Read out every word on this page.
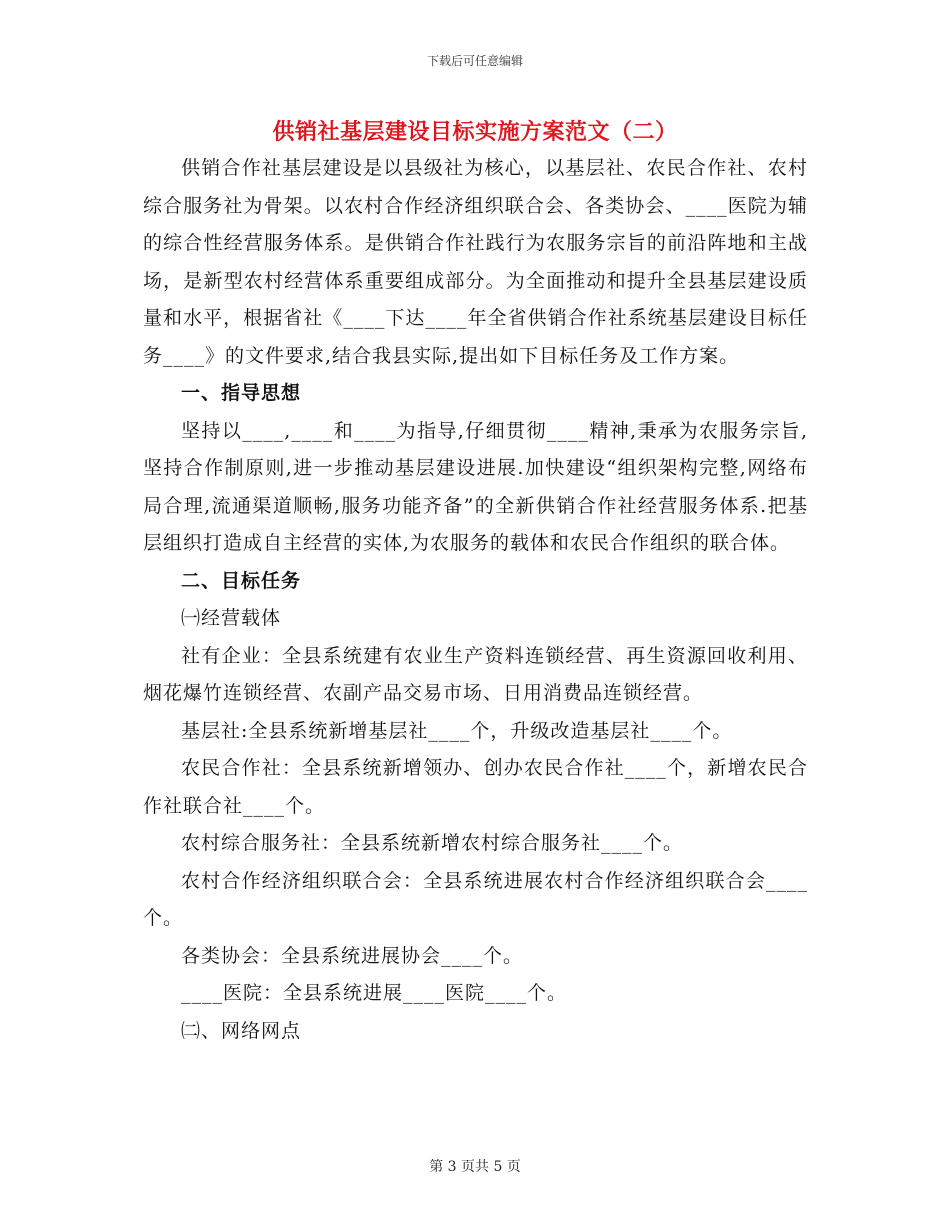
下载后可任意编辑
供销社基层建设目标实施方案范文（二）

供销合作社基层建设是以县级社为核心，以基层社、农民合作社、农村综合服务社为骨架。以农村合作经济组织联合会、各类协会、____医院为辅的综合性经营服务体系。是供销合作社践行为农服务宗旨的前沿阵地和主战场，是新型农村经营体系重要组成部分。为全面推动和提升全县基层建设质量和水平，根据省社《____下达____年全省供销合作社系统基层建设目标任务____》的文件要求,结合我县实际,提出如下目标任务及工作方案。

一、指导思想

坚持以____,____和____为指导,仔细贯彻____精神,秉承为农服务宗旨,坚持合作制原则,进一步推动基层建设进展.加快建设“组织架构完整,网络布局合理,流通渠道顺畅,服务功能齐备”的全新供销合作社经营服务体系.把基层组织打造成自主经营的实体,为农服务的载体和农民合作组织的联合体。

二、目标任务

㈠经营载体

社有企业：全县系统建有农业生产资料连锁经营、再生资源回收利用、烟花爆竹连锁经营、农副产品交易市场、日用消费品连锁经营。

基层社:全县系统新增基层社____个，升级改造基层社____个。

农民合作社：全县系统新增领办、创办农民合作社____个，新增农民合作社联合社____个。

农村综合服务社：全县系统新增农村综合服务社____个。

农村合作经济组织联合会：全县系统进展农村合作经济组织联合会____个。

各类协会：全县系统进展协会____个。

____医院：全县系统进展____医院____个。

㈡、网络网点

第 3 页共 5 页
